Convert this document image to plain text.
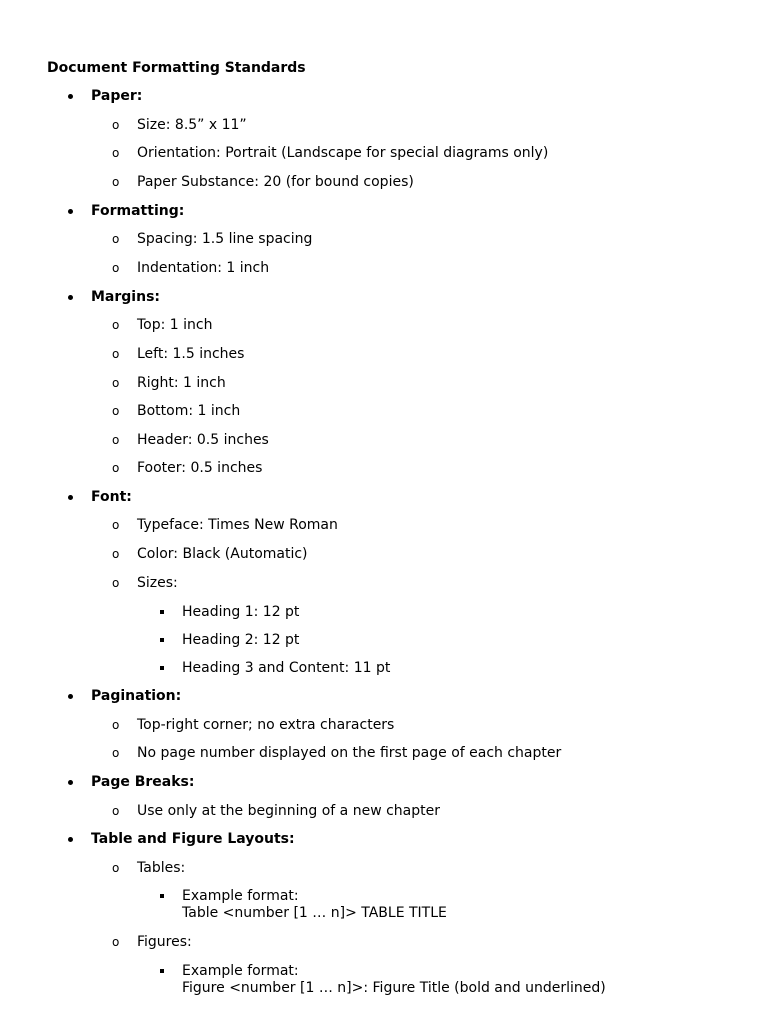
Document Formatting Standards
Paper:
o Size: 8.5” x 11”
o Orientation: Portrait (Landscape for special diagrams only)
o Paper Substance: 20 (for bound copies)
Formatting:
o Spacing: 1.5 line spacing
o Indentation: 1 inch
Margins:
o Top: 1 inch
o Left: 1.5 inches
o Right: 1 inch
o Bottom: 1 inch
o Header: 0.5 inches
o Footer: 0.5 inches
Font:
o Typeface: Times New Roman
o Color: Black (Automatic)
o Sizes:
Heading 1: 12 pt
Heading 2: 12 pt
Heading 3 and Content: 11 pt
Pagination:
o Top-right corner; no extra characters
o No page number displayed on the first page of each chapter
Page Breaks:
o Use only at the beginning of a new chapter
Table and Figure Layouts:
o Tables:
Example format:
Table <number [1 … n]> TABLE TITLE
o Figures:
Example format:
Figure <number [1 … n]>: Figure Title (bold and underlined)
